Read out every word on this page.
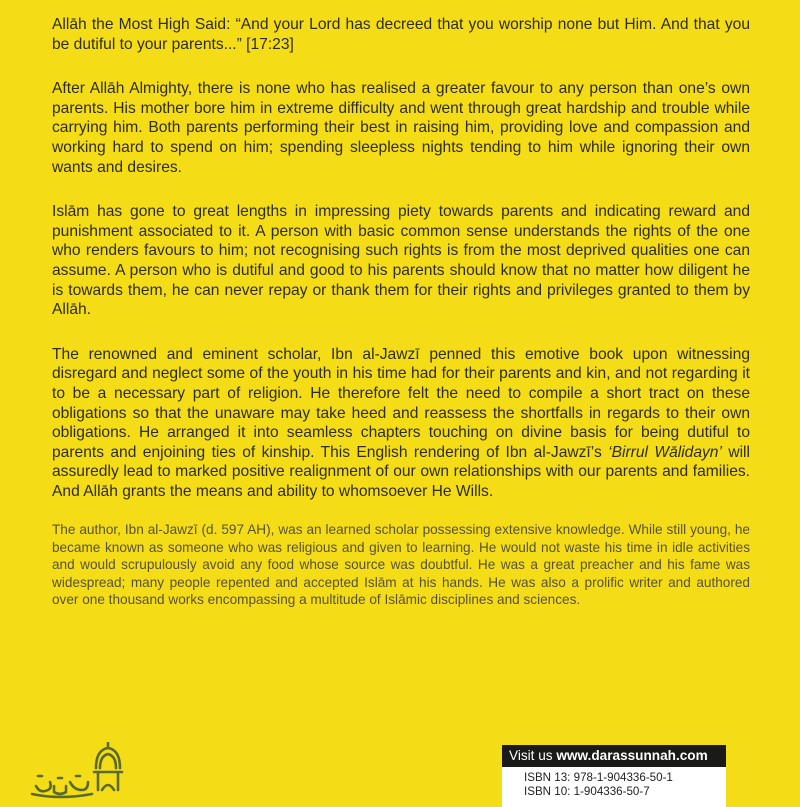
Allāh the Most High Said: “And your Lord has decreed that you worship none but Him. And that you be dutiful to your parents...” [17:23]

After Allāh Almighty, there is none who has realised a greater favour to any person than one’s own parents. His mother bore him in extreme difficulty and went through great hardship and trouble while carrying him. Both parents performing their best in raising him, providing love and compassion and working hard to spend on him; spending sleepless nights tending to him while ignoring their own wants and desires.

Islām has gone to great lengths in impressing piety towards parents and indicating reward and punishment associated to it. A person with basic common sense understands the rights of the one who renders favours to him; not recognising such rights is from the most deprived qualities one can assume. A person who is dutiful and good to his parents should know that no matter how diligent he is towards them, he can never repay or thank them for their rights and privileges granted to them by Allāh.

The renowned and eminent scholar, Ibn al-Jawzī penned this emotive book upon witnessing disregard and neglect some of the youth in his time had for their parents and kin, and not regarding it to be a necessary part of religion. He therefore felt the need to compile a short tract on these obligations so that the unaware may take heed and reassess the shortfalls in regards to their own obligations. He arranged it into seamless chapters touching on divine basis for being dutiful to parents and enjoining ties of kinship. This English rendering of Ibn al-Jawzī’s ‘Birrul Wālidayn’ will assuredly lead to marked positive realignment of our own relationships with our parents and families. And Allāh grants the means and ability to whomsoever He Wills.

The author, Ibn al-Jawzī (d. 597 AH), was an learned scholar possessing extensive knowledge. While still young, he became known as someone who was religious and given to learning. He would not waste his time in idle activities and would scrupulously avoid any food whose source was doubtful. He was a great preacher and his fame was widespread; many people repented and accepted Islām at his hands. He was also a prolific writer and authored over one thousand works encompassing a multitude of Islāmic disciplines and sciences.

Visit us www.darassunnah.com
ISBN 13: 978-1-904336-50-1
ISBN 10: 1-904336-50-7
